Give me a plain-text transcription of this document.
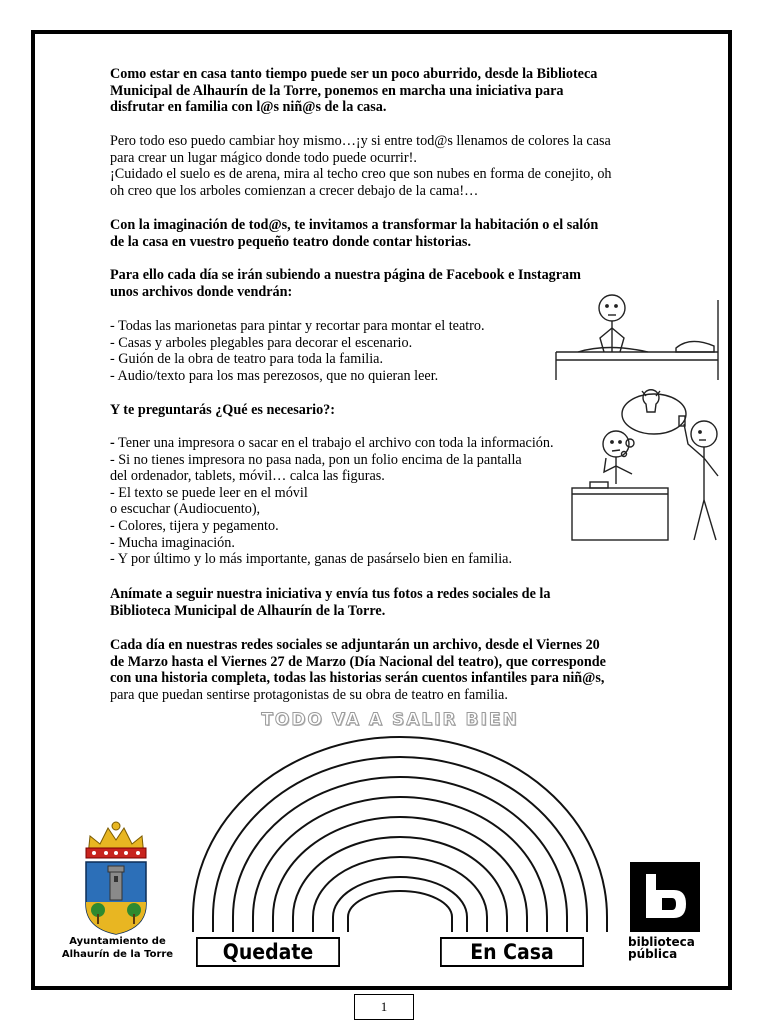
Como estar en casa tanto tiempo puede ser un poco aburrido, desde la Biblioteca
Municipal de Alhaurín de la Torre, ponemos en marcha una iniciativa para
disfrutar en familia con l@s niñ@s de la casa.
Pero todo eso puedo cambiar hoy mismo…¡y si entre tod@s llenamos de colores la casa
para crear un lugar mágico donde todo puede ocurrir!.
¡Cuidado el suelo es de arena, mira al techo creo que son nubes en forma de conejito, oh
oh creo que los arboles comienzan a crecer debajo de la cama!…
Con la imaginación de tod@s, te invitamos a transformar la habitación o el salón
de la casa en vuestro pequeño teatro donde contar historias.
Para ello cada día se irán subiendo a nuestra página de Facebook e Instagram
unos archivos donde vendrán:
- Todas las marionetas para pintar y recortar para montar el teatro.
- Casas y arboles plegables para decorar el escenario.
- Guión de la obra de teatro para toda la familia.
- Audio/texto para los mas perezosos, que no quieran leer.
Y te preguntarás ¿Qué es necesario?:
- Tener una impresora o sacar en el trabajo el archivo con toda la información.
- Si no tienes impresora no pasa nada, pon un folio encima de la pantalla
del ordenador, tablets, móvil… calca las figuras.
- El texto se puede leer en el móvil
o escuchar (Audiocuento),
- Colores, tijera y pegamento.
- Mucha imaginación.
- Y por último y lo más importante, ganas de pasárselo bien en familia.
Anímate a seguir nuestra iniciativa y envía tus fotos a redes sociales de la
Biblioteca Municipal de Alhaurín de la Torre.
Cada día en nuestras redes sociales se adjuntarán un archivo, desde el Viernes 20
de Marzo hasta el Viernes 27 de Marzo (Día Nacional del teatro), que corresponde
con una historia completa, todas las historias serán cuentos infantiles para niñ@s,
para que puedan sentirse protagonistas de su obra de teatro en familia.
TODO VA A SALIR BIEN
Quedate	En Casa
Ayuntamiento de
Alhaurín de la Torre
biblioteca
pública
1
